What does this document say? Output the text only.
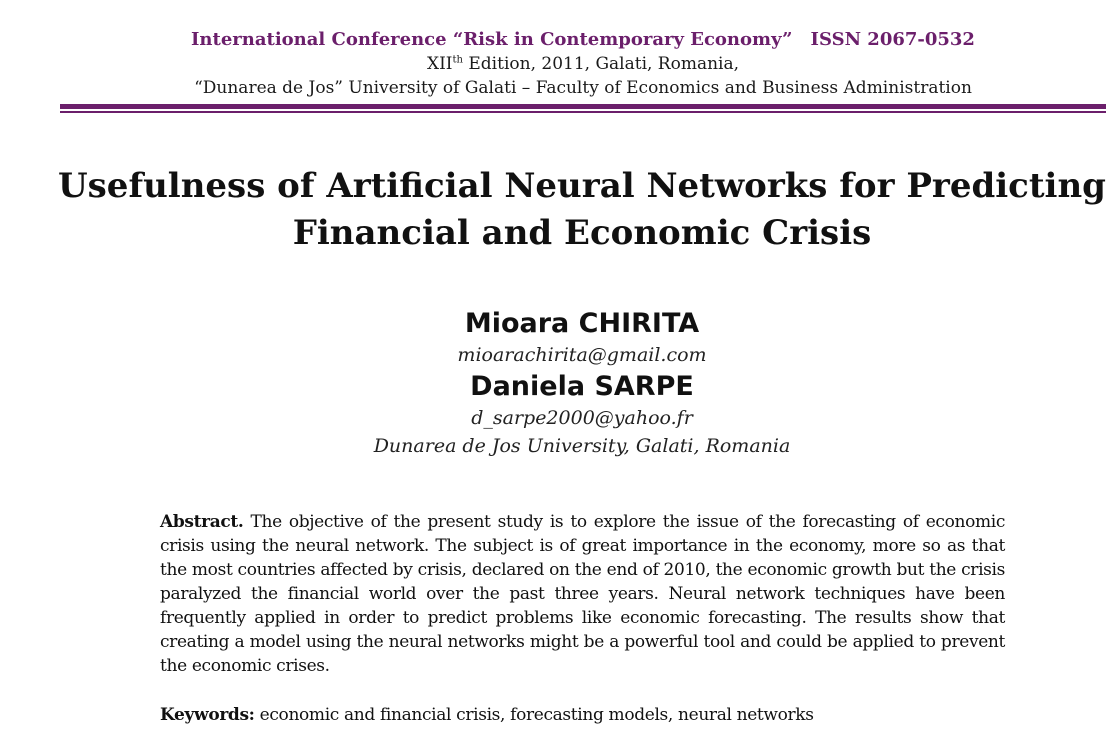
International Conference “Risk in Contemporary Economy” ISSN 2067-0532
XIIth Edition, 2011, Galati, Romania,
“Dunarea de Jos” University of Galati – Faculty of Economics and Business Administration
Usefulness of Artificial Neural Networks for Predicting
Financial and Economic Crisis
Mioara CHIRITA
mioarachirita@gmail.com
Daniela SARPE
d_sarpe2000@yahoo.fr
Dunarea de Jos University, Galati, Romania
Abstract. The objective of the present study is to explore the issue of the forecasting of economic crisis using the neural network. The subject is of great importance in the economy, more so as that the most countries affected by crisis, declared on the end of 2010, the economic growth but the crisis paralyzed the financial world over the past three years. Neural network techniques have been frequently applied in order to predict problems like economic forecasting. The results show that creating a model using the neural networks might be a powerful tool and could be applied to prevent the economic crises.
Keywords: economic and financial crisis, forecasting models, neural networks
